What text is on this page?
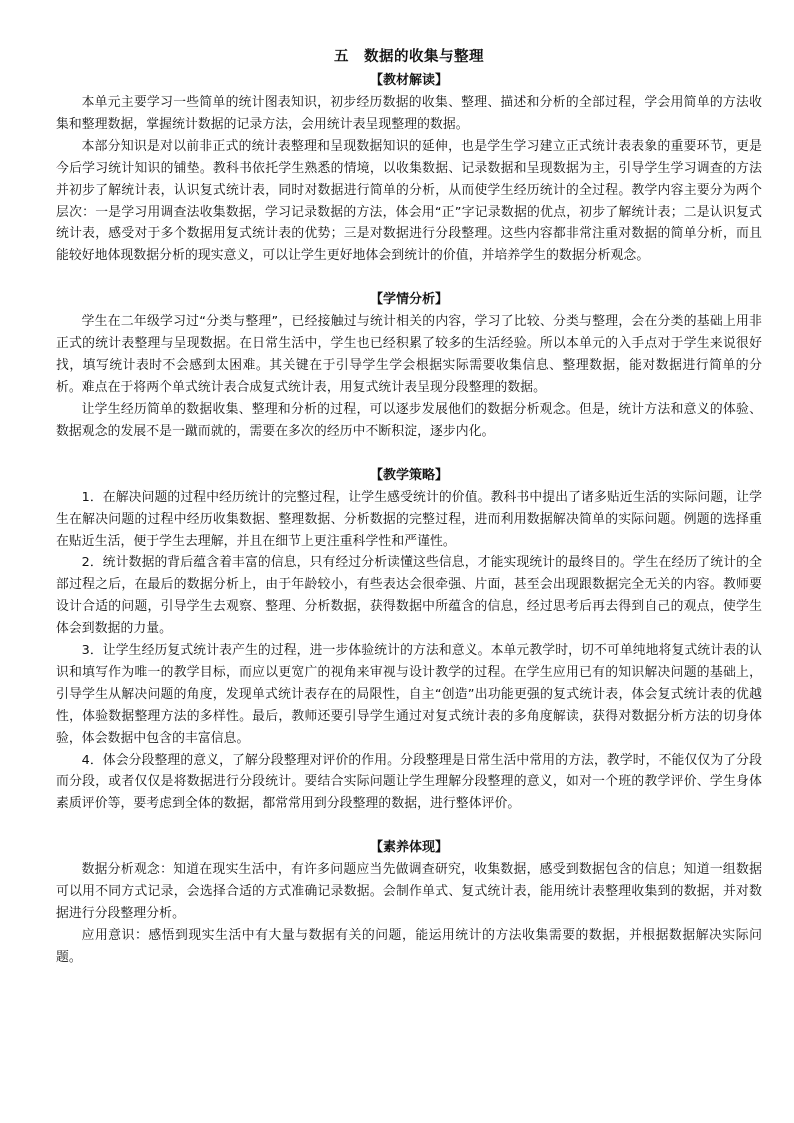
五　数据的收集与整理
【教材解读】

本单元主要学习一些简单的统计图表知识，初步经历数据的收集、整理、描述和分析的全部过程，学会用简单的方法收集和整理数据，掌握统计数据的记录方法，会用统计表呈现整理的数据。

本部分知识是对以前非正式的统计表整理和呈现数据知识的延伸，也是学生学习建立正式统计表表象的重要环节，更是今后学习统计知识的铺垫。教科书依托学生熟悉的情境，以收集数据、记录数据和呈现数据为主，引导学生学习调查的方法并初步了解统计表，认识复式统计表，同时对数据进行简单的分析，从而使学生经历统计的全过程。教学内容主要分为两个层次：一是学习用调查法收集数据，学习记录数据的方法，体会用“正”字记录数据的优点，初步了解统计表；二是认识复式统计表，感受对于多个数据用复式统计表的优势；三是对数据进行分段整理。这些内容都非常注重对数据的简单分析，而且能较好地体现数据分析的现实意义，可以让学生更好地体会到统计的价值，并培养学生的数据分析观念。

【学情分析】

学生在二年级学习过“分类与整理”，已经接触过与统计相关的内容，学习了比较、分类与整理，会在分类的基础上用非正式的统计表整理与呈现数据。在日常生活中，学生也已经积累了较多的生活经验。所以本单元的入手点对于学生来说很好找，填写统计表时不会感到太困难。其关键在于引导学生学会根据实际需要收集信息、整理数据，能对数据进行简单的分析。难点在于将两个单式统计表合成复式统计表，用复式统计表呈现分段整理的数据。

让学生经历简单的数据收集、整理和分析的过程，可以逐步发展他们的数据分析观念。但是，统计方法和意义的体验、数据观念的发展不是一蹴而就的，需要在多次的经历中不断积淀，逐步内化。

【教学策略】

1．在解决问题的过程中经历统计的完整过程，让学生感受统计的价值。教科书中提出了诸多贴近生活的实际问题，让学生在解决问题的过程中经历收集数据、整理数据、分析数据的完整过程，进而利用数据解决简单的实际问题。例题的选择重在贴近生活，便于学生去理解，并且在细节上更注重科学性和严谨性。

2．统计数据的背后蕴含着丰富的信息，只有经过分析读懂这些信息，才能实现统计的最终目的。学生在经历了统计的全部过程之后，在最后的数据分析上，由于年龄较小，有些表达会很牵强、片面，甚至会出现跟数据完全无关的内容。教师要设计合适的问题，引导学生去观察、整理、分析数据，获得数据中所蕴含的信息，经过思考后再去得到自己的观点，使学生体会到数据的力量。

3．让学生经历复式统计表产生的过程，进一步体验统计的方法和意义。本单元教学时，切不可单纯地将复式统计表的认识和填写作为唯一的教学目标，而应以更宽广的视角来审视与设计教学的过程。在学生应用已有的知识解决问题的基础上，引导学生从解决问题的角度，发现单式统计表存在的局限性，自主“创造”出功能更强的复式统计表，体会复式统计表的优越性，体验数据整理方法的多样性。最后，教师还要引导学生通过对复式统计表的多角度解读，获得对数据分析方法的切身体验，体会数据中包含的丰富信息。

4．体会分段整理的意义，了解分段整理对评价的作用。分段整理是日常生活中常用的方法，教学时，不能仅仅为了分段而分段，或者仅仅是将数据进行分段统计。要结合实际问题让学生理解分段整理的意义，如对一个班的教学评价、学生身体素质评价等，要考虑到全体的数据，都常常用到分段整理的数据，进行整体评价。

【素养体现】

数据分析观念：知道在现实生活中，有许多问题应当先做调查研究，收集数据，感受到数据包含的信息；知道一组数据可以用不同方式记录，会选择合适的方式准确记录数据。会制作单式、复式统计表，能用统计表整理收集到的数据，并对数据进行分段整理分析。

应用意识：感悟到现实生活中有大量与数据有关的问题，能运用统计的方法收集需要的数据，并根据数据解决实际问题。
